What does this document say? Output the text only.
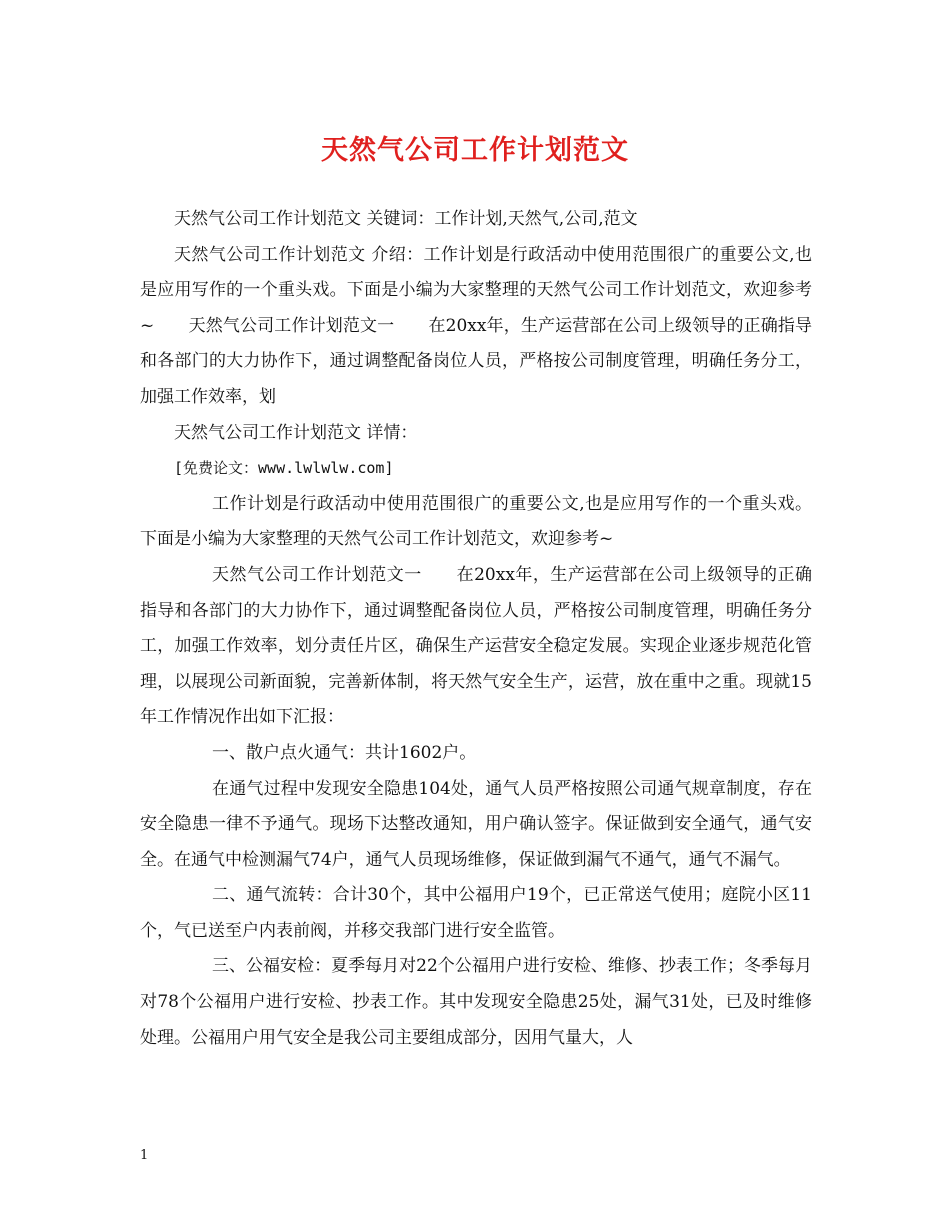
天然气公司工作计划范文

天然气公司工作计划范文 关键词：工作计划,天然气,公司,范文

天然气公司工作计划范文 介绍：工作计划是行政活动中使用范围很广的重要公文,也是应用写作的一个重头戏。下面是小编为大家整理的天然气公司工作计划范文，欢迎参考~　　天然气公司工作计划范文一　　在20xx年，生产运营部在公司上级领导的正确指导和各部门的大力协作下，通过调整配备岗位人员，严格按公司制度管理，明确任务分工，加强工作效率，划

天然气公司工作计划范文 详情：

[免费论文：www.lwlwlw.com]

工作计划是行政活动中使用范围很广的重要公文,也是应用写作的一个重头戏。下面是小编为大家整理的天然气公司工作计划范文，欢迎参考~

天然气公司工作计划范文一　　在20xx年，生产运营部在公司上级领导的正确指导和各部门的大力协作下，通过调整配备岗位人员，严格按公司制度管理，明确任务分工，加强工作效率，划分责任片区，确保生产运营安全稳定发展。实现企业逐步规范化管理，以展现公司新面貌，完善新体制，将天然气安全生产，运营，放在重中之重。现就15年工作情况作出如下汇报：

一、散户点火通气：共计1602户。

在通气过程中发现安全隐患104处，通气人员严格按照公司通气规章制度，存在安全隐患一律不予通气。现场下达整改通知，用户确认签字。保证做到安全通气，通气安全。在通气中检测漏气74户，通气人员现场维修，保证做到漏气不通气，通气不漏气。

二、通气流转：合计30个，其中公福用户19个，已正常送气使用；庭院小区11个，气已送至户内表前阀，并移交我部门进行安全监管。

三、公福安检：夏季每月对22个公福用户进行安检、维修、抄表工作；冬季每月对78个公福用户进行安检、抄表工作。其中发现安全隐患25处，漏气31处，已及时维修处理。公福用户用气安全是我公司主要组成部分，因用气量大，人

1
